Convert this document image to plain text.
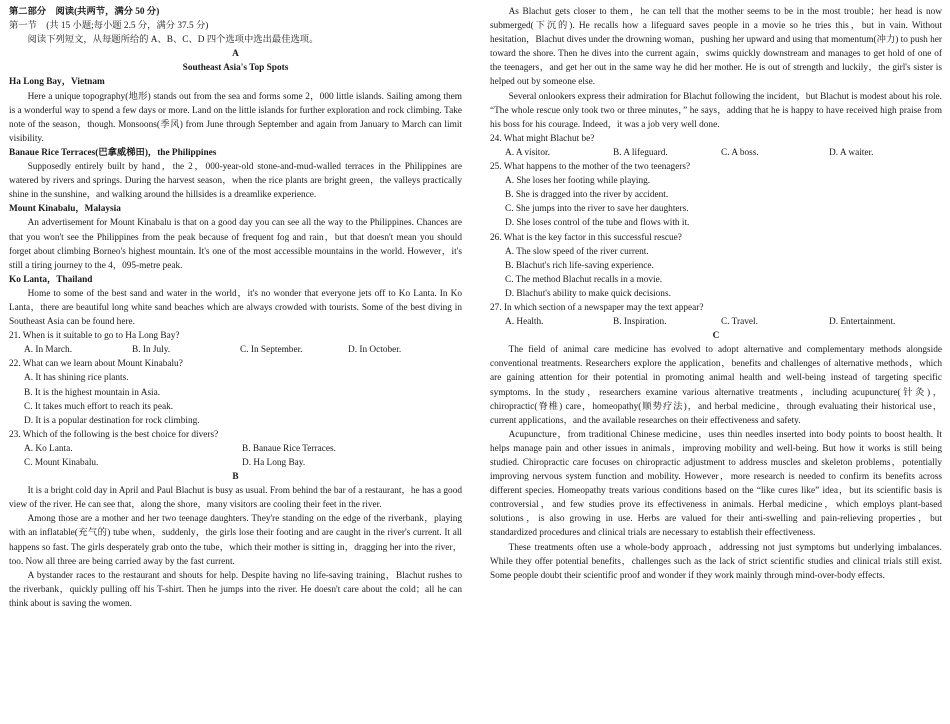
第二部分　阅读(共两节，满分 50 分)

第一节　(共 15 小题;每小题 2.5 分，满分 37.5 分)

阅读下列短文，从每题所给的 A、B、C、D 四个选项中选出最佳选项。

A

Southeast Asia's Top Spots

Ha Long Bay，Vietnam

Here a unique topography(地形) stands out from the sea and forms some 2，000 little islands. Sailing among them is a wonderful way to spend a few days or more. Land on the little islands for further exploration and rock climbing. Take note of the season，though. Monsoons(季风) from June through September and again from January to March can limit visibility.

Banaue Rice Terraces(巴拿威梯田)，the Philippines

Supposedly entirely built by hand，the 2，000-year-old stone-and-mud-walled terraces in the Philippines are watered by rivers and springs. During the harvest season，when the rice plants are bright green，the valleys practically shine in the sunshine，and walking around the hillsides is a dreamlike experience.

Mount Kinabalu，Malaysia

An advertisement for Mount Kinabalu is that on a good day you can see all the way to the Philippines. Chances are that you won't see the Philippines from the peak because of frequent fog and rain，but that doesn't mean you should forget about climbing Borneo's highest mountain. It's one of the most accessible mountains in the world. However，it's still a tiring journey to the 4，095-metre peak.

Ko Lanta，Thailand

Home to some of the best sand and water in the world，it's no wonder that everyone jets off to Ko Lanta. In Ko Lanta，there are beautiful long white sand beaches which are always crowded with tourists. Some of the best diving in Southeast Asia can be found here.

21. When is it suitable to go to Ha Long Bay?

A. In March.	B. In July.	C. In September.	D. In October.

22. What can we learn about Mount Kinabalu?

A. It has shining rice plants.

B. It is the highest mountain in Asia.

C. It takes much effort to reach its peak.

D. It is a popular destination for rock climbing.

23. Which of the following is the best choice for divers?

A. Ko Lanta.	B. Banaue Rice Terraces.
C. Mount Kinabalu.	D. Ha Long Bay.

B

It is a bright cold day in April and Paul Blachut is busy as usual. From behind the bar of a restaurant，he has a good view of the river. He can see that，along the shore，many visitors are cooling their feet in the river.

Among those are a mother and her two teenage daughters. They're standing on the edge of the riverbank，playing with an inflatable(充气的) tube when，suddenly，the girls lose their footing and are caught in the river's current. It all happens so fast. The girls desperately grab onto the tube，which their mother is sitting in，dragging her into the river，too. Now all three are being carried away by the fast current.

A bystander races to the restaurant and shouts for help. Despite having no life-saving training，Blachut rushes to the riverbank，quickly pulling off his T-shirt. Then he jumps into the river. He doesn't care about the cold；all he can think about is saving the women.

As Blachut gets closer to them，he can tell that the mother seems to be in the most trouble；her head is now submerged(下沉的). He recalls how a lifeguard saves people in a movie so he tries this，but in vain. Without hesitation，Blachut dives under the drowning woman，pushing her upward and using that momentum(冲力) to push her toward the shore. Then he dives into the current again，swims quickly downstream and manages to get hold of one of the teenagers，and get her out in the same way he did her mother. He is out of strength and luckily，the girl's sister is helped out by someone else.

Several onlookers express their admiration for Blachut following the incident，but Blachut is modest about his role. “The whole rescue only took two or three minutes，” he says，adding that he is happy to have received high praise from his boss for his courage. Indeed，it was a job very well done.

24. What might Blachut be?

A. A visitor.	B. A lifeguard.	C. A boss.	D. A waiter.

25. What happens to the mother of the two teenagers?

A. She loses her footing while playing.

B. She is dragged into the river by accident.

C. She jumps into the river to save her daughters.

D. She loses control of the tube and flows with it.

26. What is the key factor in this successful rescue?

A. The slow speed of the river current.

B. Blachut's rich life-saving experience.

C. The method Blachut recalls in a movie.

D. Blachut's ability to make quick decisions.

27. In which section of a newspaper may the text appear?

A. Health.	B. Inspiration.	C. Travel.	D. Entertainment.

C

The field of animal care medicine has evolved to adopt alternative and complementary methods alongside conventional treatments. Researchers explore the application，benefits and challenges of alternative methods，which are gaining attention for their potential in promoting animal health and well-being instead of targeting specific symptoms. In the study，researchers examine various alternative treatments，including acupuncture(针灸)，chiropractic(脊椎) care，homeopathy(顺势疗法)，and herbal medicine，through evaluating their historical use，current applications，and the available researches on their effectiveness and safety.

Acupuncture，from traditional Chinese medicine，uses thin needles inserted into body points to boost health. It helps manage pain and other issues in animals，improving mobility and well-being. But how it works is still being studied. Chiropractic care focuses on chiropractic adjustment to address muscles and skeleton problems，potentially improving nervous system function and mobility. However，more research is needed to confirm its benefits across different species. Homeopathy treats various conditions based on the “like cures like” idea，but its scientific basis is controversial，and few studies prove its effectiveness in animals. Herbal medicine，which employs plant-based solutions，is also growing in use. Herbs are valued for their anti-swelling and pain-relieving properties，but standardized procedures and clinical trials are necessary to establish their effectiveness.

These treatments often use a whole-body approach，addressing not just symptoms but underlying imbalances. While they offer potential benefits，challenges such as the lack of strict scientific studies and clinical trials still exist. Some people doubt their scientific proof and wonder if they work mainly through mind-over-body effects.
